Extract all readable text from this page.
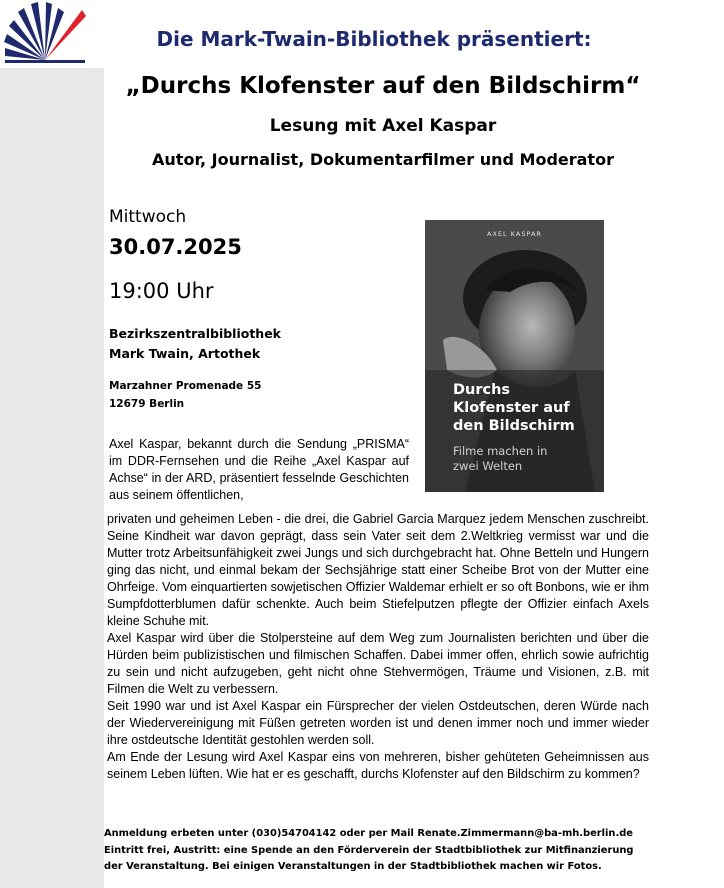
Die Mark-Twain-Bibliothek präsentiert:
„Durchs Klofenster auf den Bildschirm“
Lesung mit Axel Kaspar
Autor, Journalist, Dokumentarfilmer und Moderator
Mittwoch
30.07.2025
19:00 Uhr
Bezirkszentralbibliothek
Mark Twain, Artothek
Marzahner Promenade 55
12679 Berlin
AXEL KASPAR
Durchs
Klofenster auf
den Bildschirm
Filme machen in
zwei Welten

Axel Kaspar, bekannt durch die Sendung „PRISMA“ im DDR-Fernsehen und die Reihe „Axel Kaspar auf Achse“ in der ARD, präsentiert fesselnde Geschichten aus seinem öffentlichen,

privaten und geheimen Leben - die drei, die Gabriel Garcia Marquez jedem Menschen zuschreibt. Seine Kindheit war davon geprägt, dass sein Vater seit dem 2.Weltkrieg vermisst war und die Mutter trotz Arbeitsunfähigkeit zwei Jungs und sich durchgebracht hat. Ohne Betteln und Hungern ging das nicht, und einmal bekam der Sechsjährige statt einer Scheibe Brot von der Mutter eine Ohrfeige. Vom einquartierten sowjetischen Offizier Waldemar erhielt er so oft Bonbons, wie er ihm Sumpfdotterblumen dafür schenkte. Auch beim Stiefelputzen pflegte der Offizier einfach Axels kleine Schuhe mit.

Axel Kaspar wird über die Stolpersteine auf dem Weg zum Journalisten berichten und über die Hürden beim publizistischen und filmischen Schaffen. Dabei immer offen, ehrlich sowie aufrichtig zu sein und nicht aufzugeben, geht nicht ohne Stehvermögen, Träume und Visionen, z.B. mit Filmen die Welt zu verbessern.

Seit 1990 war und ist Axel Kaspar ein Fürsprecher der vielen Ostdeutschen, deren Würde nach der Wiedervereinigung mit Füßen getreten worden ist und denen immer noch und immer wieder ihre ostdeutsche Identität gestohlen werden soll.

Am Ende der Lesung wird Axel Kaspar eins von mehreren, bisher gehüteten Geheimnissen aus seinem Leben lüften. Wie hat er es geschafft, durchs Klofenster auf den Bildschirm zu kommen?

Anmeldung erbeten unter (030)54704142 oder per Mail Renate.Zimmermann@ba-mh.berlin.de
Eintritt frei, Austritt: eine Spende an den Förderverein der Stadtbibliothek zur Mitfinanzierung
der Veranstaltung. Bei einigen Veranstaltungen in der Stadtbibliothek machen wir Fotos.
